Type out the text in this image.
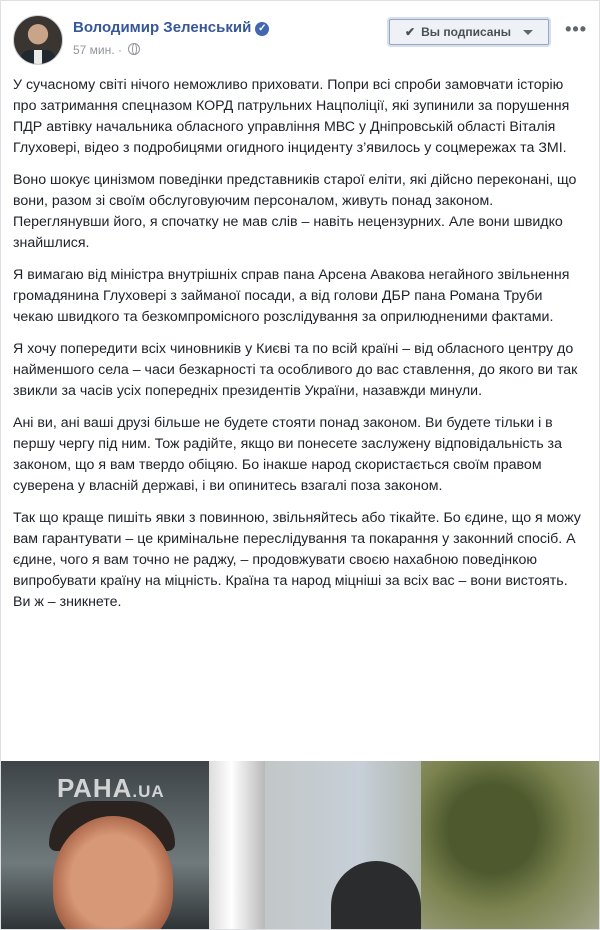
Володимир Зеленський ✓
57 мин. ·
✔ Вы подписаны	•••

У сучасному світі нічого неможливо приховати. Попри всі спроби замовчати історію про затримання спецназом КОРД патрульних Нацполіції, які зупинили за порушення ПДР автівку начальника обласного управління МВС у Дніпровській області Віталія Глуховері, відео з подробицями огидного інциденту з’явилось у соцмережах та ЗМІ.

Воно шокує цинізмом поведінки представників старої еліти, які дійсно переконані, що вони, разом зі своїм обслуговуючим персоналом, живуть понад законом. Переглянувши його, я спочатку не мав слів – навіть нецензурних. Але вони швидко знайшлися.

Я вимагаю від міністра внутрішніх справ пана Арсена Авакова негайного звільнення громадянина Глуховері з займаної посади, а від голови ДБР пана Романа Труби чекаю швидкого та безкомпромісного розслідування за оприлюдненими фактами.

Я хочу попередити всіх чиновників у Києві та по всій країні – від обласного центру до найменшого села – часи безкарності та особливого до вас ставлення, до якого ви так звикли за часів усіх попередніх президентів України, назавжди минули.

Ані ви, ані ваші друзі більше не будете стояти понад законом. Ви будете тільки і в першу чергу під ним. Тож радійте, якщо ви понесете заслужену відповідальність за законом, що я вам твердо обіцяю. Бо інакше народ скористається своїм правом суверена у власній державі, і ви опинитесь взагалі поза законом.

Так що краще пишіть явки з повинною, звільняйтесь або тікайте. Бо єдине, що я можу вам гарантувати – це кримінальне переслідування та покарання у законний спосіб. А єдине, чого я вам точно не раджу, – продовжувати своєю нахабною поведінкою випробувати країну на міцність. Країна та народ міцніші за всіх вас – вони вистоять. Ви ж – зникнете.

РАНА.UA
